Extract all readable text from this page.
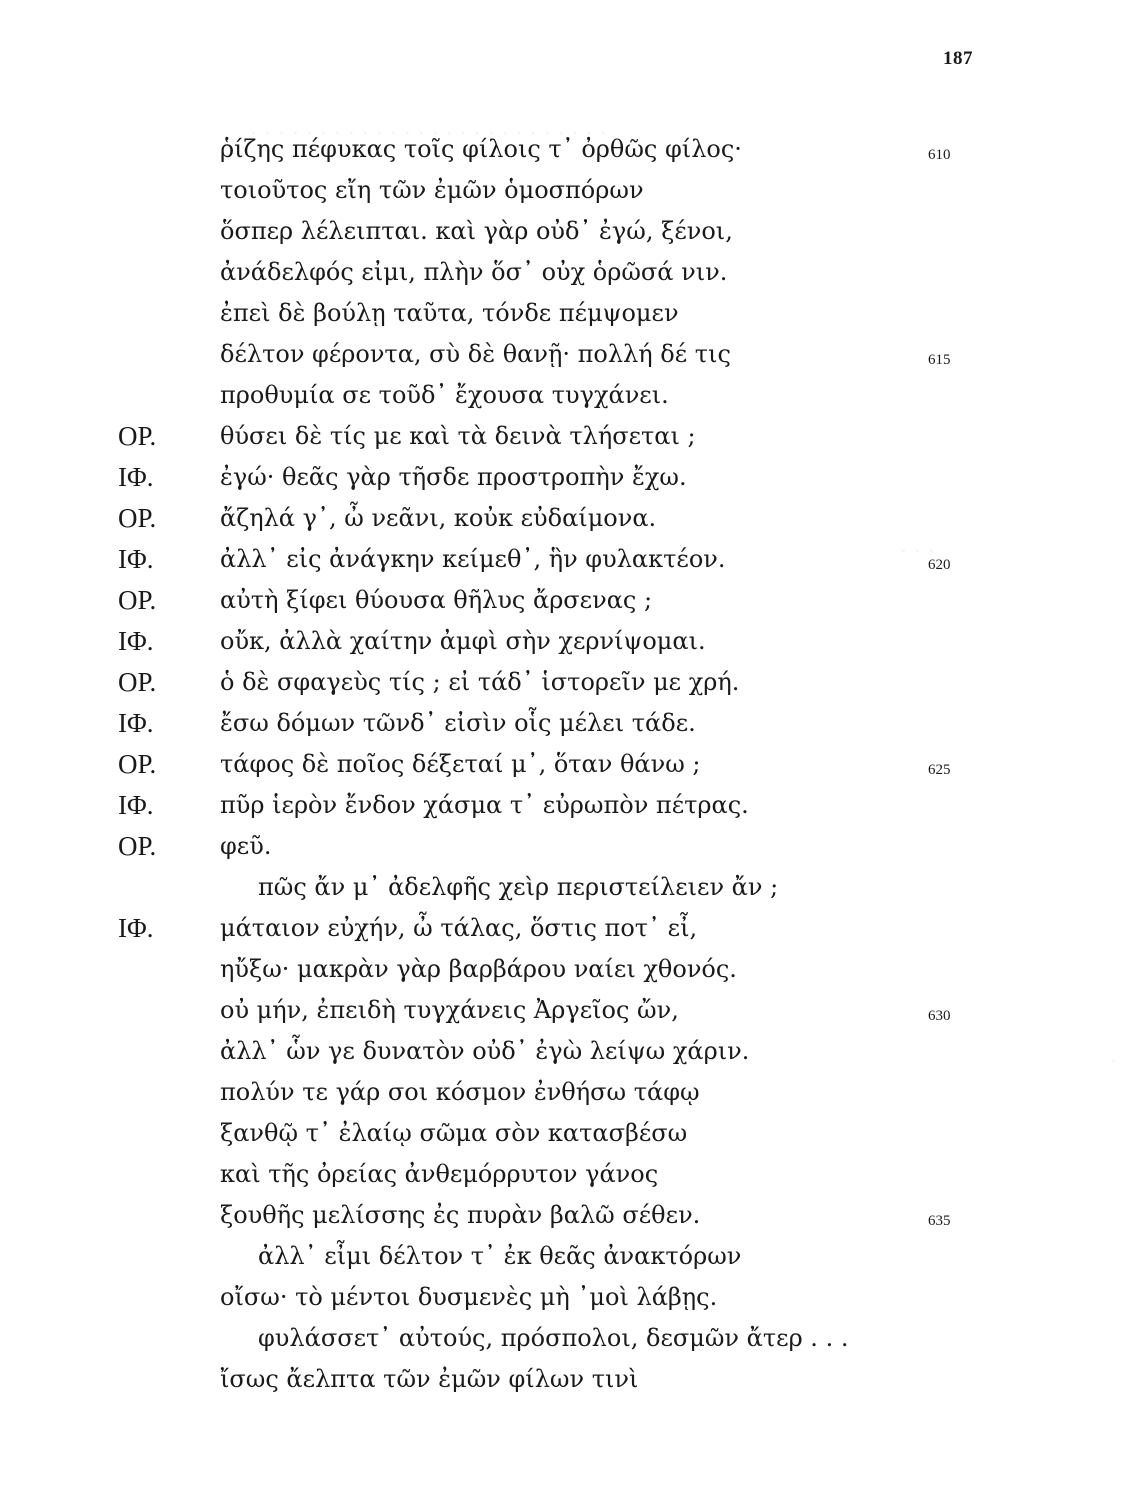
187
ῥίζης πέφυκας τοῖς φίλοις τ᾽ ὀρθῶς φίλος·	610
τοιοῦτος εἴη τῶν ἐμῶν ὁμοσπόρων
ὅσπερ λέλειπται. καὶ γὰρ οὐδ᾽ ἐγώ, ξένοι,
ἀνάδελφός εἰμι, πλὴν ὅσ᾽ οὐχ ὁρῶσά νιν.
ἐπεὶ δὲ βούλῃ ταῦτα, τόνδε πέμψομεν
δέλτον φέροντα, σὺ δὲ θανῇ· πολλή δέ τις	615
προθυμία σε τοῦδ᾽ ἔχουσα τυγχάνει.
ΟΡ.	θύσει δὲ τίς με καὶ τὰ δεινὰ τλήσεται ;
ΙΦ.	ἐγώ· θεᾶς γὰρ τῆσδε προστροπὴν ἔχω.
ΟΡ.	ἄζηλά γ᾽, ὦ νεᾶνι, κοὐκ εὐδαίμονα.
ΙΦ.	ἀλλ᾽ εἰς ἀνάγκην κείμεθ᾽, ἣν φυλακτέον.	620
ΟΡ.	αὐτὴ ξίφει θύουσα θῆλυς ἄρσενας ;
ΙΦ.	οὔκ, ἀλλὰ χαίτην ἀμφὶ σὴν χερνίψομαι.
ΟΡ.	ὁ δὲ σφαγεὺς τίς ; εἰ τάδ᾽ ἱστορεῖν με χρή.
ΙΦ.	ἔσω δόμων τῶνδ᾽ εἰσὶν οἷς μέλει τάδε.
ΟΡ.	τάφος δὲ ποῖος δέξεταί μ᾽, ὅταν θάνω ;	625
ΙΦ.	πῦρ ἱερὸν ἔνδον χάσμα τ᾽ εὐρωπὸν πέτρας.
ΟΡ.	φεῦ.
πῶς ἄν μ᾽ ἀδελφῆς χεὶρ περιστείλειεν ἄν ;
ΙΦ.	μάταιον εὐχήν, ὦ τάλας, ὅστις ποτ᾽ εἶ,
ηὔξω· μακρὰν γὰρ βαρβάρου ναίει χθονός.
οὐ μήν, ἐπειδὴ τυγχάνεις Ἀργεῖος ὤν,	630
ἀλλ᾽ ὧν γε δυνατὸν οὐδ᾽ ἐγὼ λείψω χάριν.
πολύν τε γάρ σοι κόσμον ἐνθήσω τάφῳ
ξανθῷ τ᾽ ἐλαίῳ σῶμα σὸν κατασβέσω
καὶ τῆς ὀρείας ἀνθεμόρρυτον γάνος
ξουθῆς μελίσσης ἐς πυρὰν βαλῶ σέθεν.	635
ἀλλ᾽ εἶμι δέλτον τ᾽ ἐκ θεᾶς ἀνακτόρων
οἴσω· τὸ μέντοι δυσμενὲς μὴ ᾽μοὶ λάβῃς.
φυλάσσετ᾽ αὐτούς, πρόσπολοι, δεσμῶν ἄτερ . . .
ἴσως ἄελπτα τῶν ἐμῶν φίλων τινὶ
